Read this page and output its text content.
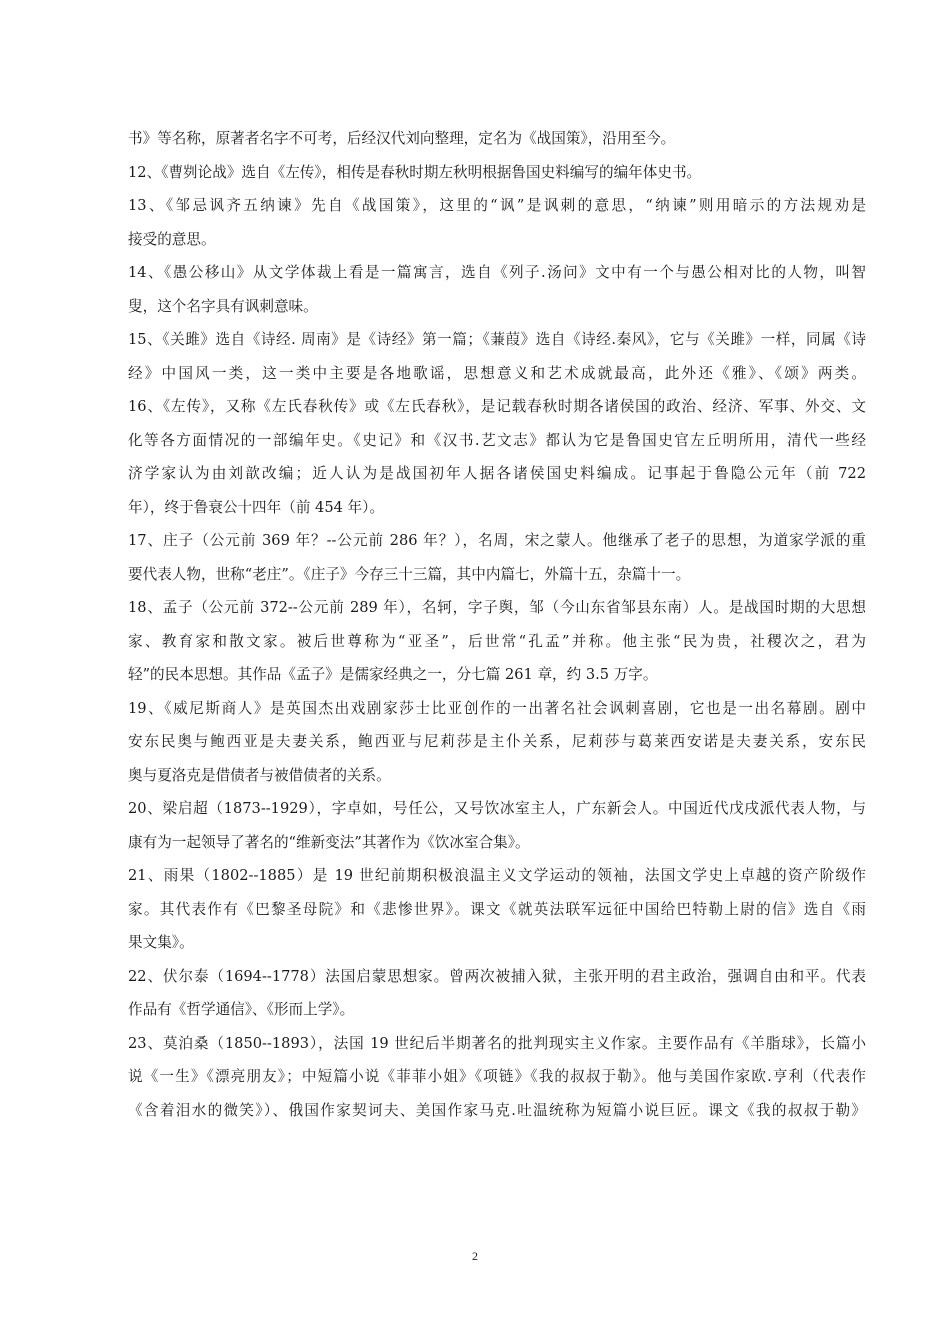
书》等名称，原著者名字不可考，后经汉代刘向整理，定名为《战国策》，沿用至今。
12、《曹刿论战》选自《左传》，相传是春秋时期左秋明根据鲁国史料编写的编年体史书。
13、《邹忌讽齐五纳谏》先自《战国策》，这里的“讽”是讽刺的意思，“纳谏”则用暗示的方法规劝是
接受的意思。
14、《愚公移山》从文学体裁上看是一篇寓言，选自《列子.汤问》文中有一个与愚公相对比的人物，叫智
叟，这个名字具有讽刺意味。
15、《关雎》选自《诗经. 周南》是《诗经》第一篇；《蒹葭》选自《诗经.秦风》，它与《关雎》一样，同属《诗
经》中国风一类，这一类中主要是各地歌谣，思想意义和艺术成就最高，此外还《雅》、《颂》两类。
16、《左传》，又称《左氏春秋传》或《左氏春秋》，是记载春秋时期各诸侯国的政治、经济、军事、外交、文
化等各方面情况的一部编年史。《史记》和《汉书.艺文志》都认为它是鲁国史官左丘明所用，清代一些经
济学家认为由刘歆改编；近人认为是战国初年人据各诸侯国史料编成。记事起于鲁隐公元年（前 722
年），终于鲁衰公十四年（前 454 年）。
17、庄子（公元前 369 年？--公元前 286 年？），名周，宋之蒙人。他继承了老子的思想，为道家学派的重
要代表人物，世称“老庄”。《庄子》今存三十三篇，其中内篇七，外篇十五，杂篇十一。
18、孟子（公元前 372--公元前 289 年），名轲，字子舆，邹（今山东省邹县东南）人。是战国时期的大思想
家、教育家和散文家。被后世尊称为“亚圣”，后世常“孔孟”并称。他主张“民为贵，社稷次之，君为
轻”的民本思想。其作品《孟子》是儒家经典之一，分七篇 261 章，约 3.5 万字。
19、《威尼斯商人》是英国杰出戏剧家莎士比亚创作的一出著名社会讽刺喜剧，它也是一出名幕剧。剧中
安东民奥与鲍西亚是夫妻关系，鲍西亚与尼莉莎是主仆关系，尼莉莎与葛莱西安诺是夫妻关系，安东民
奥与夏洛克是借债者与被借债者的关系。
20、梁启超（1873--1929），字卓如，号任公，又号饮冰室主人，广东新会人。中国近代戊戌派代表人物，与
康有为一起领导了著名的“维新变法”其著作为《饮冰室合集》。
21、雨果（1802--1885）是 19 世纪前期积极浪温主义文学运动的领袖，法国文学史上卓越的资产阶级作
家。其代表作有《巴黎圣母院》和《悲惨世界》。课文《就英法联军远征中国给巴特勒上尉的信》选自《雨
果文集》。
22、伏尔泰（1694--1778）法国启蒙思想家。曾两次被捕入狱，主张开明的君主政治，强调自由和平。代表
作品有《哲学通信》、《形而上学》。
23、莫泊桑（1850--1893），法国 19 世纪后半期著名的批判现实主义作家。主要作品有《羊脂球》，长篇小
说《一生》《漂亮朋友》；中短篇小说《菲菲小姐》《项链》《我的叔叔于勒》。他与美国作家欧.亨利（代表作
《含着泪水的微笑》）、俄国作家契诃夫、美国作家马克.吐温统称为短篇小说巨匠。课文《我的叔叔于勒》
2
